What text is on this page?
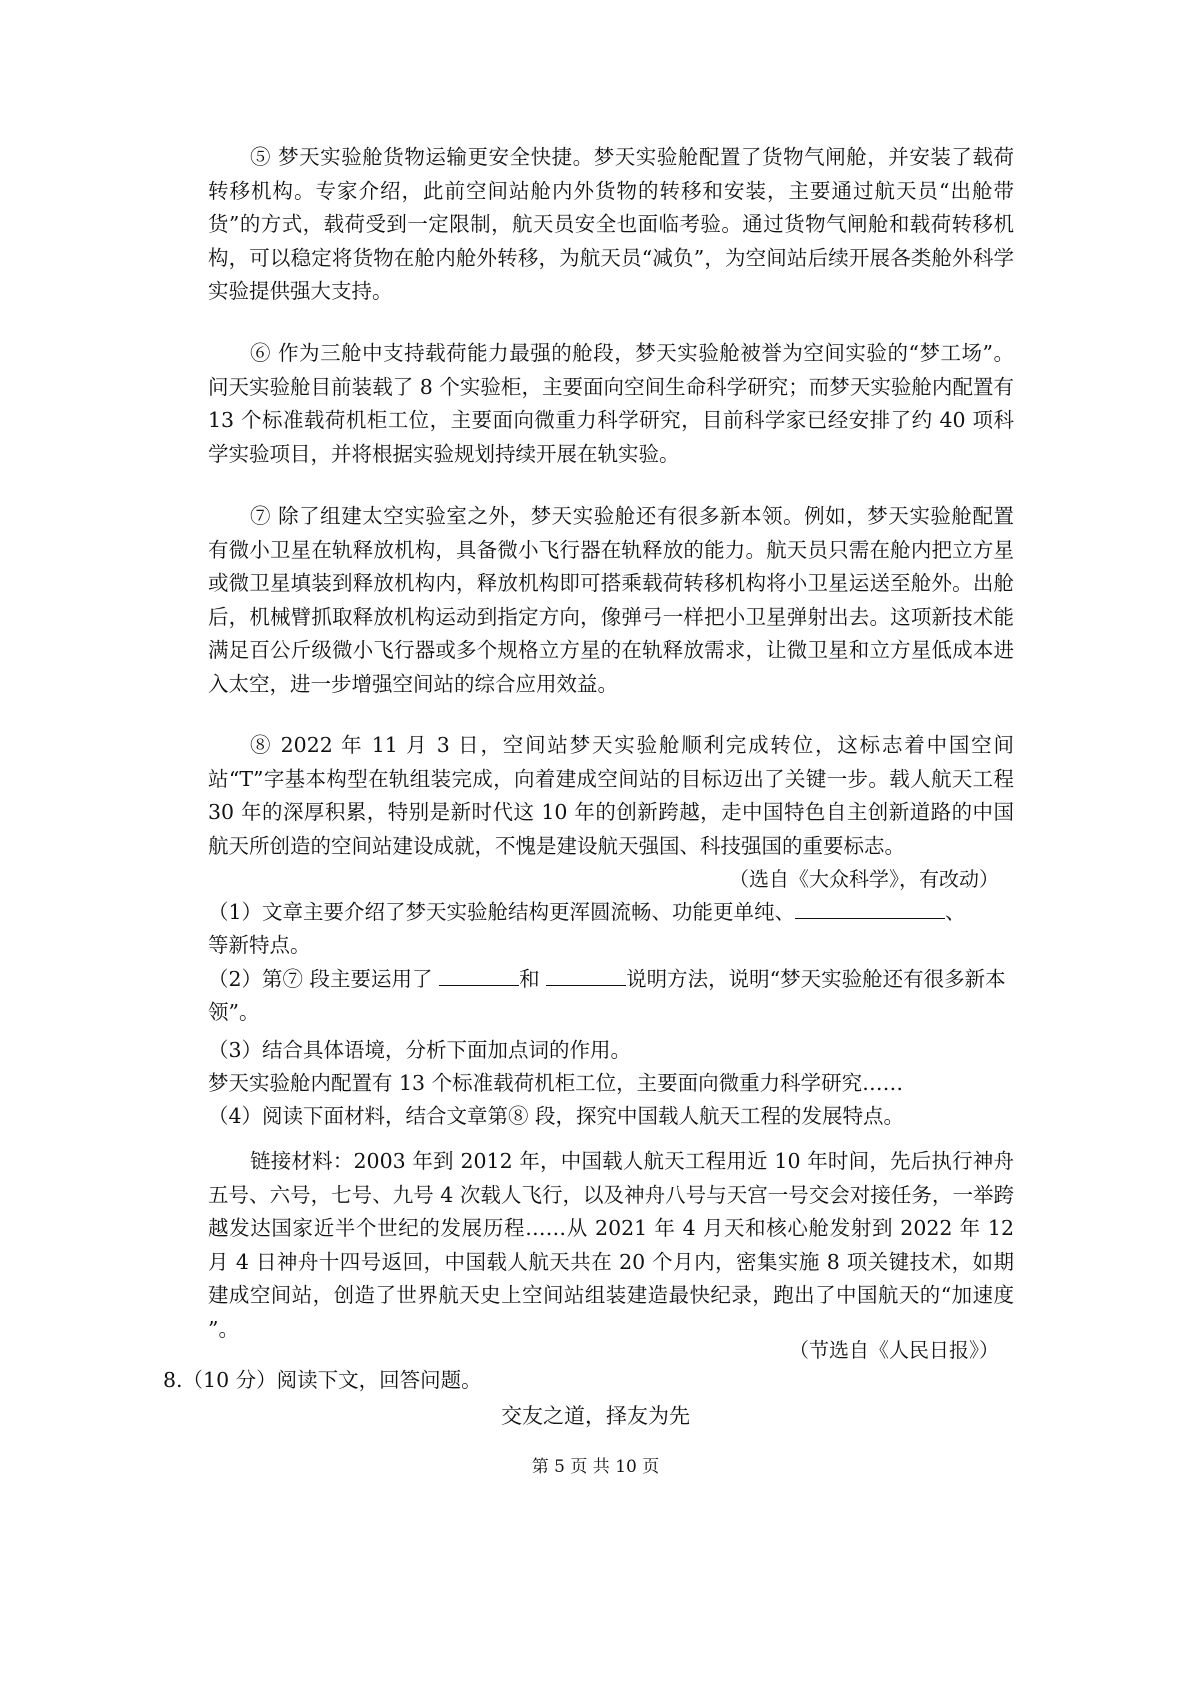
⑤ 梦天实验舱货物运输更安全快捷。梦天实验舱配置了货物气闸舱，并安装了载荷转移机构。专家介绍，此前空间站舱内外货物的转移和安装，主要通过航天员“出舱带货”的方式，载荷受到一定限制，航天员安全也面临考验。通过货物气闸舱和载荷转移机构，可以稳定将货物在舱内舱外转移，为航天员“减负”，为空间站后续开展各类舱外科学实验提供强大支持。

⑥ 作为三舱中支持载荷能力最强的舱段，梦天实验舱被誉为空间实验的“梦工场”。问天实验舱目前装载了 8 个实验柜，主要面向空间生命科学研究；而梦天实验舱内配置有 13 个标准载荷机柜工位，主要面向微重力科学研究，目前科学家已经安排了约 40 项科学实验项目，并将根据实验规划持续开展在轨实验。

⑦ 除了组建太空实验室之外，梦天实验舱还有很多新本领。例如，梦天实验舱配置有微小卫星在轨释放机构，具备微小飞行器在轨释放的能力。航天员只需在舱内把立方星或微卫星填装到释放机构内，释放机构即可搭乘载荷转移机构将小卫星运送至舱外。出舱后，机械臂抓取释放机构运动到指定方向，像弹弓一样把小卫星弹射出去。这项新技术能满足百公斤级微小飞行器或多个规格立方星的在轨释放需求，让微卫星和立方星低成本进入太空，进一步增强空间站的综合应用效益。

⑧ 2022 年 11 月 3 日，空间站梦天实验舱顺利完成转位，这标志着中国空间站“T”字基本构型在轨组装完成，向着建成空间站的目标迈出了关键一步。载人航天工程 30 年的深厚积累，特别是新时代这 10 年的创新跨越，走中国特色自主创新道路的中国航天所创造的空间站建设成就，不愧是建设航天强国、科技强国的重要标志。

（选自《大众科学》，有改动）

（1）文章主要介绍了梦天实验舱结构更浑圆流畅、功能更单纯、	、
等新特点。

（2）第⑦ 段主要运用了	和	说明方法，说明“梦天实验舱还有很多新本领”。

（3）结合具体语境，分析下面加点词的作用。

梦天实验舱内配置有 13 个标准载荷机柜工位，主要面向微重力科学研究……

（4）阅读下面材料，结合文章第⑧ 段，探究中国载人航天工程的发展特点。

链接材料：2003 年到 2012 年，中国载人航天工程用近 10 年时间，先后执行神舟五号、六号，七号、九号 4 次载人飞行，以及神舟八号与天宫一号交会对接任务，一举跨越发达国家近半个世纪的发展历程……从 2021 年 4 月天和核心舱发射到 2022 年 12 月 4 日神舟十四号返回，中国载人航天共在 20 个月内，密集实施 8 项关键技术，如期建成空间站，创造了世界航天史上空间站组装建造最快纪录，跑出了中国航天的“加速度 ”。

（节选自《人民日报》）

8.（10 分）阅读下文，回答问题。

交友之道，择友为先

第 5 页 共 10 页
